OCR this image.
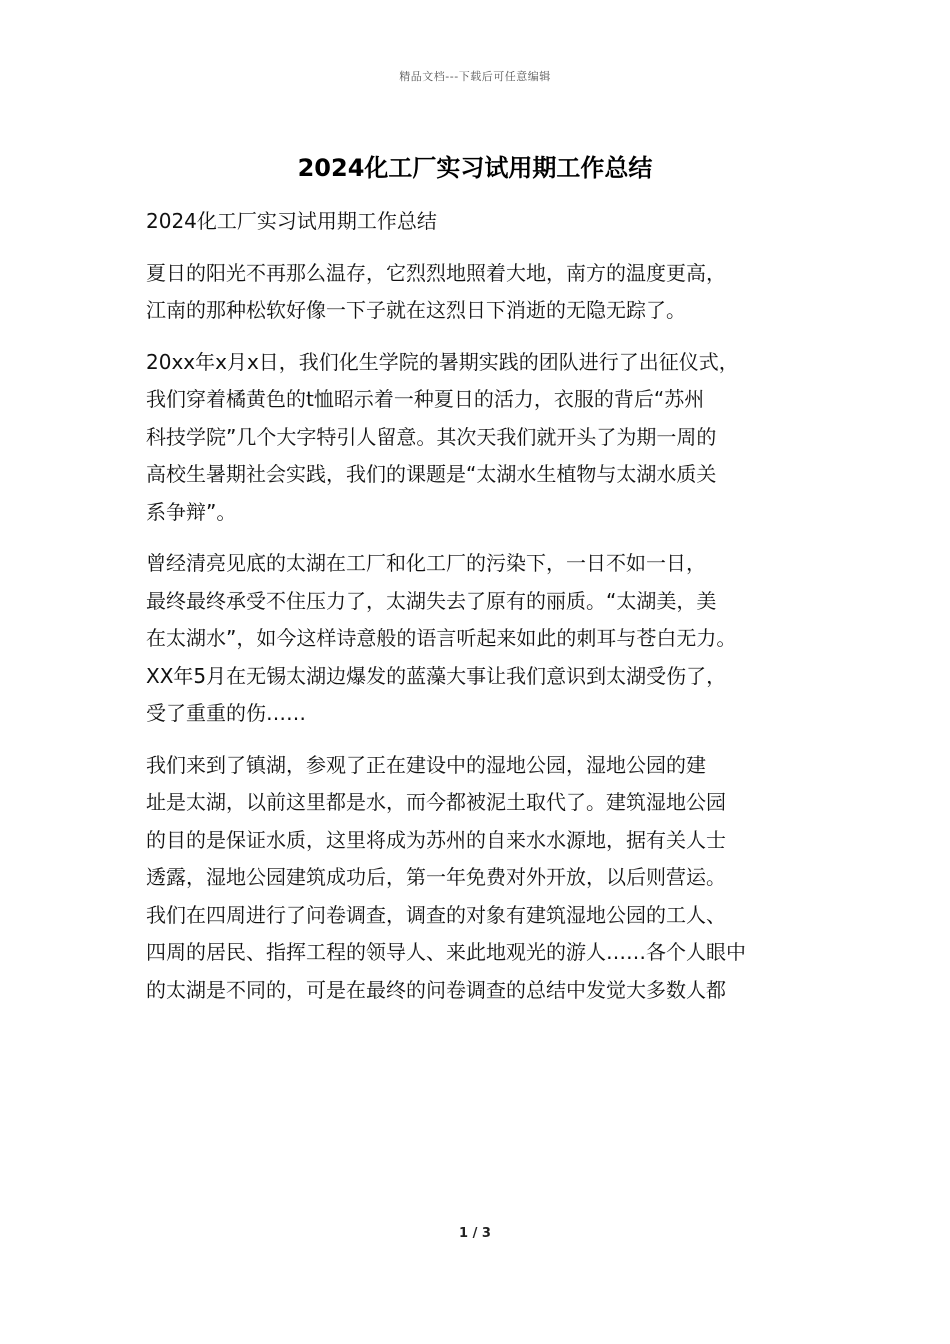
精品文档---下载后可任意编辑
2024化工厂实习试用期工作总结

2024化工厂实习试用期工作总结

夏日的阳光不再那么温存，它烈烈地照着大地，南方的温度更高，
江南的那种松软好像一下子就在这烈日下消逝的无隐无踪了。

20xx年x月x日，我们化生学院的暑期实践的团队进行了出征仪式，
我们穿着橘黄色的t恤昭示着一种夏日的活力，衣服的背后“苏州
科技学院”几个大字特引人留意。其次天我们就开头了为期一周的
高校生暑期社会实践，我们的课题是“太湖水生植物与太湖水质关
系争辩”。

曾经清亮见底的太湖在工厂和化工厂的污染下，一日不如一日，
最终最终承受不住压力了，太湖失去了原有的丽质。“太湖美，美
在太湖水”，如今这样诗意般的语言听起来如此的刺耳与苍白无力。
XX年5月在无锡太湖边爆发的蓝藻大事让我们意识到太湖受伤了，
受了重重的伤……

我们来到了镇湖，参观了正在建设中的湿地公园，湿地公园的建
址是太湖，以前这里都是水，而今都被泥土取代了。建筑湿地公园
的目的是保证水质，这里将成为苏州的自来水水源地，据有关人士
透露，湿地公园建筑成功后，第一年免费对外开放，以后则营运。
我们在四周进行了问卷调查，调查的对象有建筑湿地公园的工人、
四周的居民、指挥工程的领导人、来此地观光的游人……各个人眼中
的太湖是不同的，可是在最终的问卷调查的总结中发觉大多数人都

1 / 3
